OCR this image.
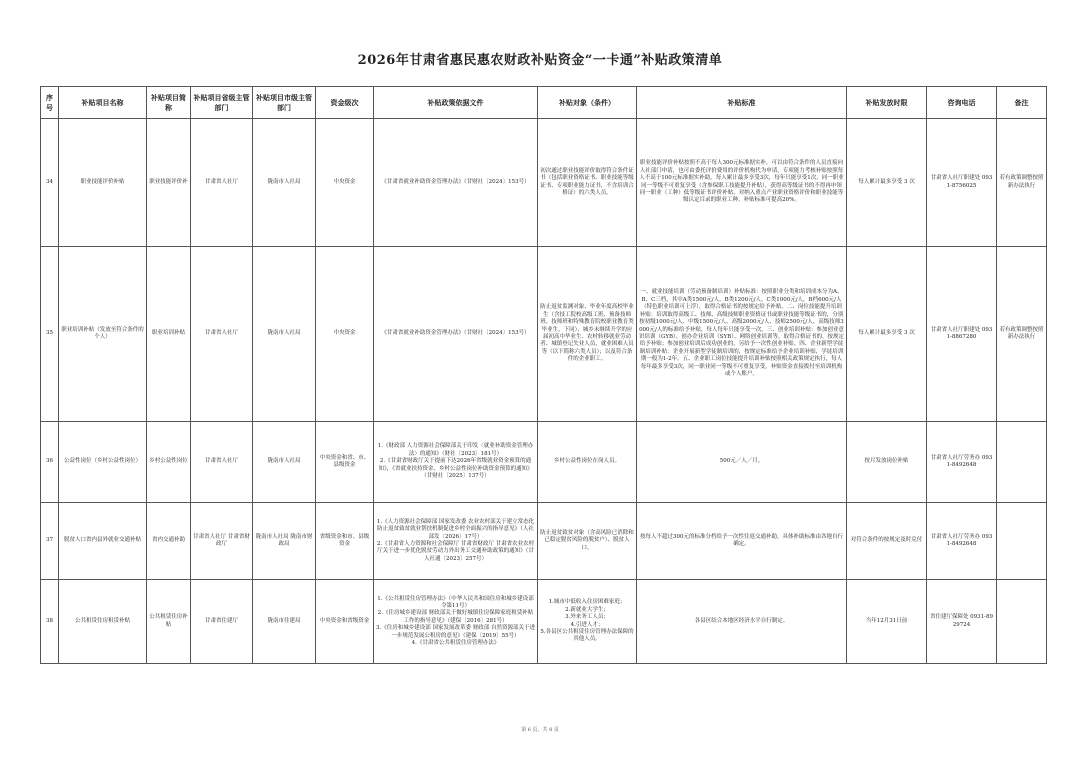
2026年甘肃省惠民惠农财政补贴资金“一卡通”补贴政策清单
序号	补贴项目名称	补贴项目简称	补贴项目省级主管部门	补贴项目市级主管部门	资金级次	补贴政策依据文件	补贴对象（条件）	补贴标准	补贴发放时限	咨询电话	备注
34	职业技能评价补贴	职业技能评价补	甘肃省人社厅	陇南市人社局	中央资金	《甘肃省就业补助资金管理办法》（甘财社〔2024〕153号）	初次通过职业技能评价取得符合条件证书（包括职业资格证书、职业技能等级证书、专项职业能力证书，不含培训合格证）的六类人员。	职业技能评价补贴按照不高于每人300元标准据实补，可以由符合条件的人员直接向人社部门申请，也可由委托评价费用的评价机构代为申请，专项能力考核补贴按照每人不高于100元标准据实补助。每人累计最多享受3次，每年只能享受1次，同一职业同一等级不可重复享受（含参保职工技能提升补贴），获得高等级证书的不得再申领同一职业（工种）低等级证书评价补贴。对纳入重点产业职业资格评价和职业技能等级认定目录的职业工种，补贴标准可提高20%。	每人累计最多享受 3 次	甘肃省人社厅职建处 0931-8756025	若有政策调整按照新办法执行
35	职业培训补贴（发放至符合条件的个人）	职业培训补贴	甘肃省人社厅	陇南市人社局	中央资金	《甘肃省就业补助资金管理办法》（甘财社〔2024〕153号）	防止返贫监测对象、毕业年度高校毕业生（含技工院校高级工班、预备技师班、技师班和特殊教育院校职业教育类毕业生，下同）、城乡未继续升学的应届初高中毕业生、农村转移就业劳动者、城镇登记失业人员，就业困难人员等（以下简称六类人员）；以及符合条件的企业职工。	一、就业技能培训（劳动预备制培训）补贴标准：按照职业分类和培训成本分为A、B、C三档，其中A类1500元/人、B类1200元/人、C类1000元/人，B档600元/人（特色职业培训可上浮），取得合格证书的按规定给予补贴。二、岗位技能提升培训补贴：培训取得高级工、技师、高级技师职业资格证书或职业技能等级证书的，分别按初级1000元/人、中级1500元/人、高级2000元/人、技师2500元/人、高级技师3000元/人的标准给予补贴，每人每年只能享受一次。三、创业培训补贴：参加创业意识培训（GYB）、创办企业培训（SYB）、网络创业培训等，取得合格证书的，按规定给予补贴；参加创业培训后成功创业的，另给予一次性创业补贴。四、企业新型学徒制培训补贴：企业开展新型学徒制培训的，按规定标准给予企业培训补贴，学徒培训期一般为1-2年。五、企业职工岗位技能提升培训补贴按照相关政策规定执行，每人每年最多享受3次，同一职业同一等级不可重复享受，补贴资金直接拨付至培训机构或个人账户。	每人累计最多享受 3 次	甘肃省人社厅职建处 0931-8867280	若有政策调整按照新办法执行
36	公益性岗位（乡村公益性岗位）	乡村公益性岗位	甘肃省人社厅	陇南市人社局	中央资金和省、市、县级资金	1.《财政部 人力资源社会保障部关于印发〈就业补助资金管理办法〉的通知》（财社〔2023〕181号）
2.《甘肃省财政厅关于提前下达2026年省级就业资金预算的通知》，《省就业扶持资金、乡村公益性岗位补助资金预算的通知》（甘财社〔2025〕137号）	乡村公益性岗位在岗人员。	500元／人／月。	按月发放岗位补贴	甘肃省人社厅劳务办 0931-8492648	
37	脱贫人口省内县外就业交通补贴	省内交通补助	甘肃省人社厅 甘肃省财政厅	陇南市人社局 陇南市财政局	省级资金和市、县级资金	1.《人力资源社会保障部 国家发改委 农业农村部关于建立常态化防止返贫致贫就业帮扶机制促进乡村全面振兴的指导意见》（人社部发〔2026〕17号）
2.《甘肃省人力资源和社会保障厅 甘肃省财政厅 甘肃省农业农村厅关于进一步优化脱贫劳动力外出务工交通补助政策的通知》（甘人社通〔2023〕257号）	防止返贫致贫对象（含高风险已消除和已稳定脱贫风险的脱贫户）、脱贫人口。	按每人不超过300元的标准分档给予一次性往返交通补助，具体补助标准由各地自行确定。	对符合条件的按规定及时兑付	甘肃省人社厅劳务办 0931-8492648	
38	公共租赁住房租赁补贴	公共租赁住房补贴	甘肃省住建厅	陇南市住建局	中央资金和省级资金	1.《公共租赁住房管理办法》（中华人民共和国住房和城乡建设部令第11号）
2.《住房城乡建设部 财政部关于做好城镇住房保障家庭租赁补贴工作的指导意见》（建保〔2016〕281号）
3.《住房和城乡建设部 国家发展改革委 财政部 自然资源部关于进一步规范发展公租房的意见》（建保〔2019〕55号）
4.《甘肃省公共租赁住房管理办法》	1.城市中低收入住房困难家庭；
2.新就业大学生；
3.外来务工人员；
4.引进人才；
5.各县区公共租赁住房管理办法保障的其他人员。	各县区结合本地区经济水平自行制定。	当年12月31日前	省住建厅保障处 0931-8929724	
第 6 页，共 8 页
